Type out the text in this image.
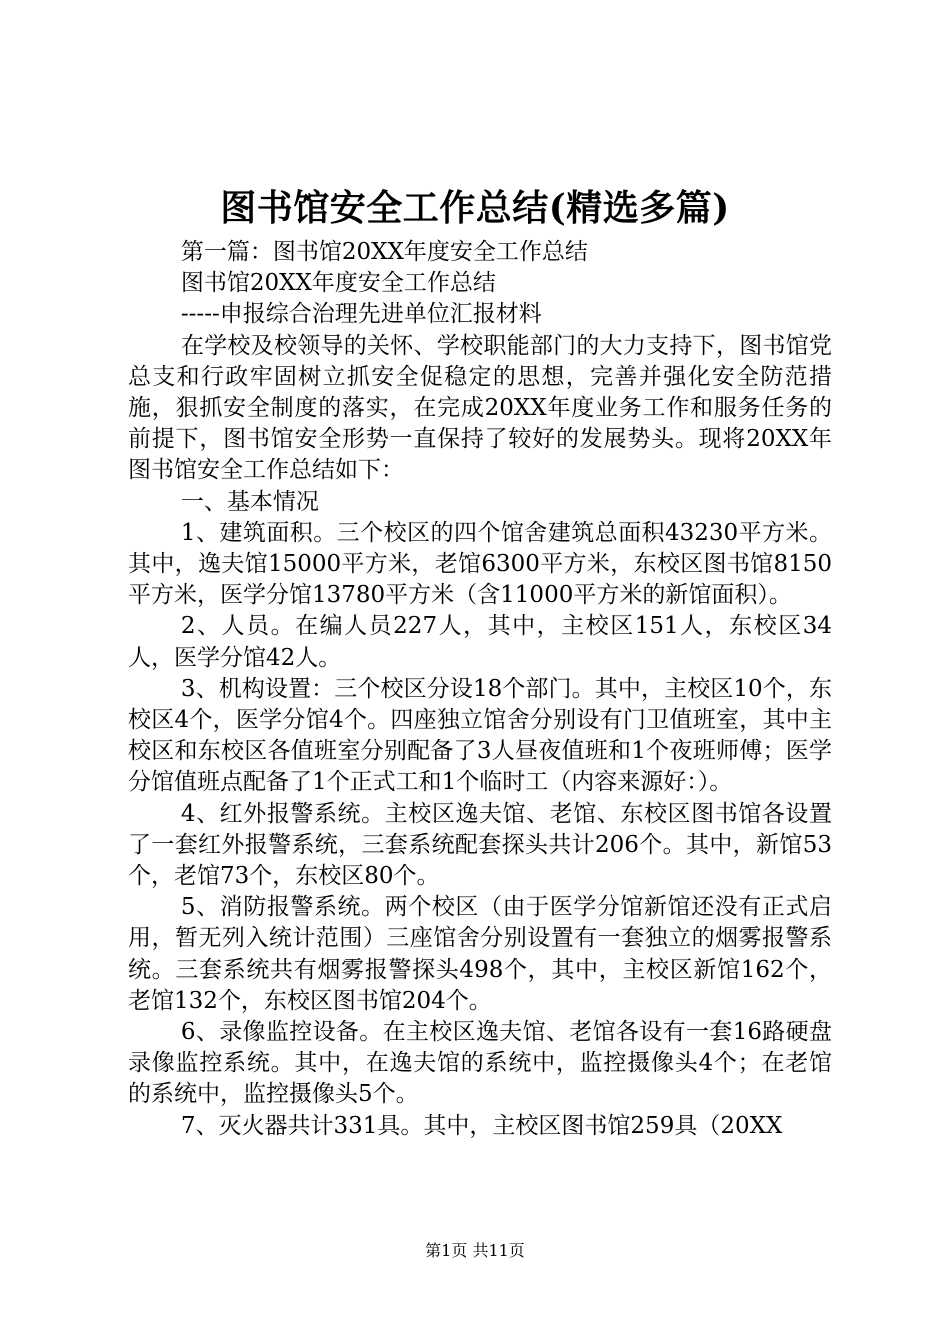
图书馆安全工作总结(精选多篇)

第一篇：图书馆20XX年度安全工作总结

图书馆20XX年度安全工作总结

-----申报综合治理先进单位汇报材料

在学校及校领导的关怀、学校职能部门的大力支持下，图书馆党总支和行政牢固树立抓安全促稳定的思想，完善并强化安全防范措施，狠抓安全制度的落实，在完成20XX年度业务工作和服务任务的前提下，图书馆安全形势一直保持了较好的发展势头。现将20XX年图书馆安全工作总结如下：

一、基本情况

1、建筑面积。三个校区的四个馆舍建筑总面积43230平方米。其中，逸夫馆15000平方米，老馆6300平方米，东校区图书馆8150平方米，医学分馆13780平方米（含11000平方米的新馆面积）。

2、人员。在编人员227人，其中，主校区151人，东校区34人，医学分馆42人。

3、机构设置：三个校区分设18个部门。其中，主校区10个，东校区4个，医学分馆4个。四座独立馆舍分别设有门卫值班室，其中主校区和东校区各值班室分别配备了3人昼夜值班和1个夜班师傅；医学分馆值班点配备了1个正式工和1个临时工（内容来源好：）。

4、红外报警系统。主校区逸夫馆、老馆、东校区图书馆各设置了一套红外报警系统，三套系统配套探头共计206个。其中，新馆53个，老馆73个，东校区80个。

5、消防报警系统。两个校区（由于医学分馆新馆还没有正式启用，暂无列入统计范围）三座馆舍分别设置有一套独立的烟雾报警系统。三套系统共有烟雾报警探头498个，其中，主校区新馆162个，老馆132个，东校区图书馆204个。

6、录像监控设备。在主校区逸夫馆、老馆各设有一套16路硬盘录像监控系统。其中，在逸夫馆的系统中，监控摄像头4个；在老馆的系统中，监控摄像头5个。

7、灭火器共计331具。其中，主校区图书馆259具（20XX

第1页 共11页
